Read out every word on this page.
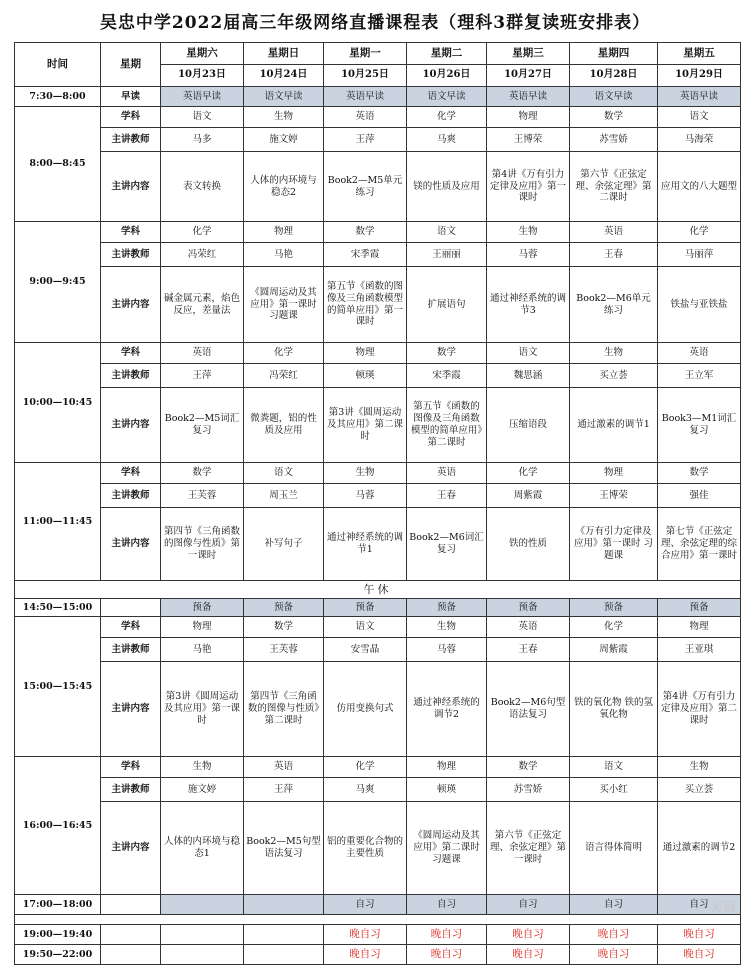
吴忠中学2022届高三年级网络直播课程表（理科3群复读班安排表）
时间	星期	星期六	星期日	星期一	星期二	星期三	星期四	星期五
		10月23日	10月24日	10月25日	10月26日	10月27日	10月28日	10月29日
7:30—8:00	早读	英语早读	语文早读	英语早读	语文早读	英语早读	语文早读	英语早读
8:00—8:45	学科	语文	生物	英语	化学	物理	数学	语文
	主讲教师	马多	施文婷	王萍	马爽	王博荣	苏雪娇	马海荣
	主讲内容	表文转换	人体的内环境与稳态2	Book2—M5单元练习	镁的性质及应用	第4讲《万有引力定律及应用》第一课时	第六节《正弦定理、余弦定理》第二课时	应用文的八大题型
9:00—9:45	学科	化学	物理	数学	语文	生物	英语	化学
	主讲教师	冯荣红	马艳	宋季霞	王丽丽	马蓉	王春	马丽萍
	主讲内容	碱金属元素，焰色反应，差量法	《圆周运动及其应用》第一课时习题课	第五节《函数的图像及三角函数模型的简单应用》第一课时	扩展语句	通过神经系统的调节3	Book2—M6单元练习	铁盐与亚铁盐
10:00—10:45	学科	英语	化学	物理	数学	语文	生物	英语
	主讲教师	王萍	冯荣红	顿瑛	宋季霞	魏思涵	买立荟	王立军
	主讲内容	Book2—M5词汇复习	微粪题，铝的性质及应用	第3讲《圆周运动及其应用》第二课时	第五节《函数的图像及三角函数模型的简单应用》第二课时	压缩语段	通过激素的调节1	Book3—M1词汇复习
11:00—11:45	学科	数学	语文	生物	英语	化学	物理	数学
	主讲教师	王芙蓉	周玉兰	马蓉	王春	周紫霞	王博荣	强佳
	主讲内容	第四节《三角函数的图像与性质》第一课时	补写句子	通过神经系统的调节1	Book2—M6词汇复习	铁的性质	《万有引力定律及应用》第一课时 习题课	第七节《正弦定理、余弦定理的综合应用》第一课时
午休								
14:50—15:00		预备	预备	预备	预备	预备	预备	预备
15:00—15:45	学科	物理	数学	语文	生物	英语	化学	物理
	主讲教师	马艳	王芙蓉	安雪晶	马蓉	王春	周紫霞	王亚琪
	主讲内容	第3讲《圆周运动及其应用》第一课时	第四节《三角函数的图像与性质》第二课时	仿用变换句式	通过神经系统的调节2	Book2—M6句型语法复习	铁的氧化物 铁的氢氧化物	第4讲《万有引力定律及应用》第二课时
16:00—16:45	学科	生物	英语	化学	物理	数学	语文	生物
	主讲教师	施文婷	王萍	马爽	顿瑛	苏雪娇	买小红	买立荟
	主讲内容	人体的内环境与稳态1	Book2—M5句型语法复习	铝的重要化合物的主要性质	《圆周运动及其应用》第二课时习题课	第六节《正弦定理、余弦定理》第一课时	语言得体简明	通过激素的调节2
17:00—18:00				自习	自习	自习	自习	自习

19:00—19:40				晚自习	晚自习	晚自习	晚自习	晚自习
19:50—22:00				晚自习	晚自习	晚自习	晚自习	晚自习
美篇
